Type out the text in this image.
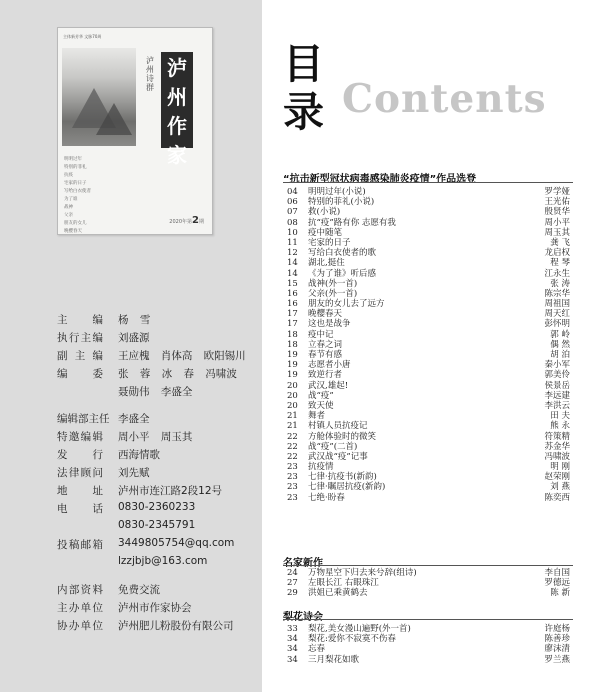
主体新芳华 文脉70周
泸州诗群
泸
州
作
家
明明过年
特别的菲礼
抗疫
宅家的日子
写给白衣使者
为了谁
战神
父亲
朋友的女儿
晚樱春天
2020年第2期
主编 杨 雪
执行主编 刘盛源
副主编 王应槐 肖体高 欧阳锡川
编委 张 蓉 冰 春 冯啸波
聂勋伟 李盛全
编辑部主任 李盛全
特邀编辑 周小平 周玉其
发行 西海情歌
法律顾问 刘先赋
地址 泸州市连江路2段12号
电话 0830-2360233
0830-2345791
投稿邮箱 3449805754@qq.com
lzzjbjb@163.com
内部资料 免费交流
主办单位 泸州市作家协会
协办单位 泸州肥儿粉股份有限公司
目
录 Contents
“抗击新型冠状病毒感染肺炎疫情”作品选登
04 明明过年(小说)	罗学娅
06 特别的菲礼(小说)	王光佑
07 救(小说)	殷贤华
08 抗“疫”路有你 志愿有我	周小平
10 疫中随笔	周玉其
11 宅家的日子	龚 飞
12 写给白衣使者的歌	龙启权
14 湖北,挺住	程 琴
14 《为了谁》听后感	江永生
15 战神(外一首)	张 涛
16 父亲(外一首)	陈宗华
16 朋友的女儿去了远方	周祖国
17 晚樱春天	周天红
17 这也是战争	彭怀明
18 疫中记	郭 岭
18 立春之词	偶 然
19 春节有感	胡 泊
19 志愿者小唐	秦小军
19 致逆行者	郭美伶
20 武汉,雄起!	侯景岳
20 战“疫”	李远建
20 致天使	李洪云
21 舞者	田 夫
21 村镇人员抗疫记	熊 永
22 方舱体验时的微笑	符策精
22 战“疫”(二首)	苏金华
22 武汉战“疫”记事	冯啸波
23 抗疫情	明 刚
23 七律·抗疫书(新韵)	赵荣刚
23 七律·瞩居抗疫(新韵)	刘 燕
23 七绝·盼春	陈奕西
名家新作
24 万物星空下归去来兮辞(组诗)	李自国
27 左眼长江 右眼珠江	罗德远
29 洪姐已乘黄鹤去	陈 新
梨花诗会
33 梨花,美女漫山遍野(外一首)	许庭杨
34 梨花:爱你不寂寞不伤春	陈善珍
34 忘春	廖沫清
34 三月梨花如歌	罗兰燕
